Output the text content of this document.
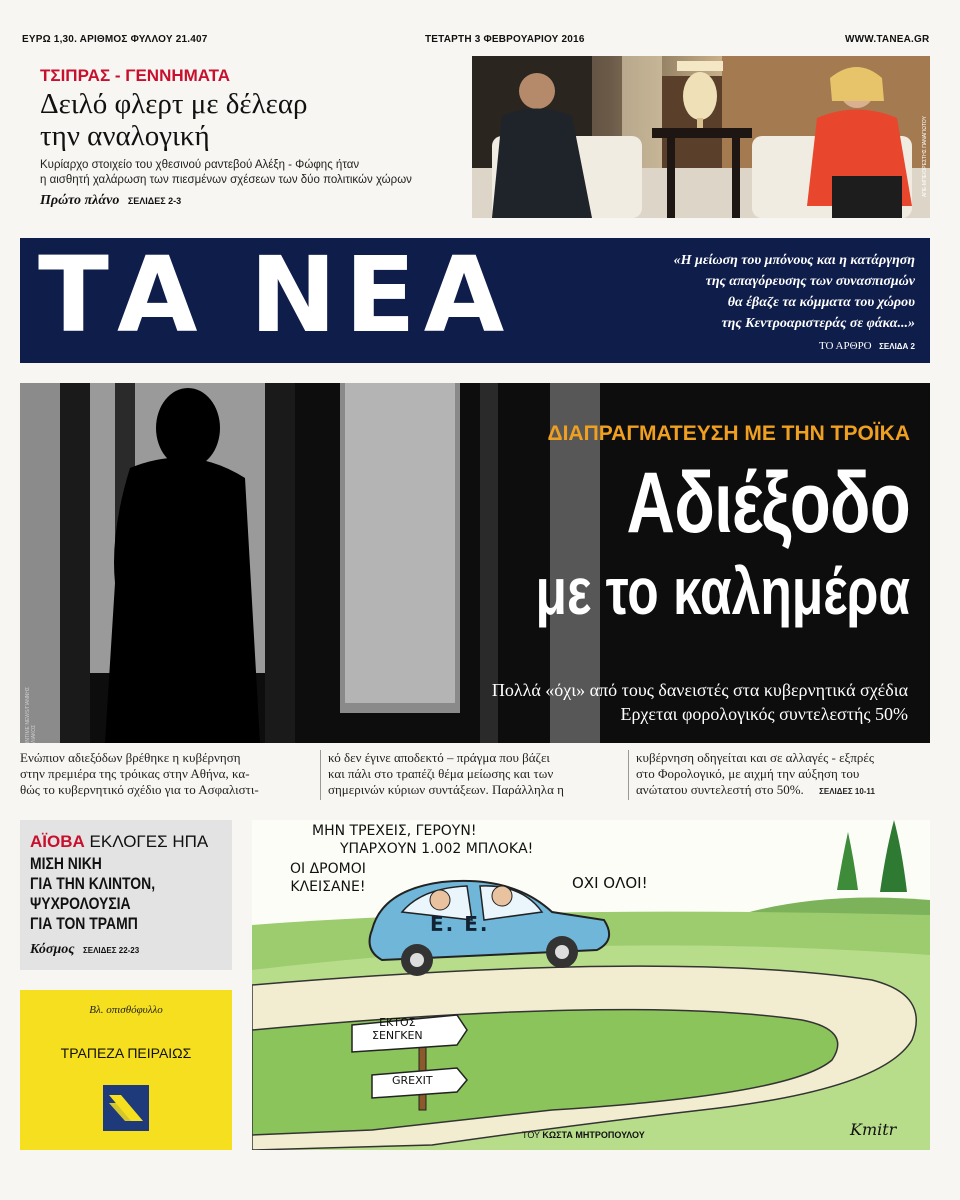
ΕΥΡΩ 1,30. ΑΡΙΘΜΟΣ ΦΥΛΛΟΥ 21.407	ΤΕΤΑΡΤΗ 3 ΦΕΒΡΟΥΑΡΙΟΥ 2016	WWW.TANEA.GR
ΤΣΙΠΡΑΣ - ΓΕΝΝΗΜΑΤΑ
Δειλό φλερτ με δέλεαρ
την αναλογική
Κυρίαρχο στοιχείο του χθεσινού ραντεβού Αλέξη - Φώφης ήταν
η αισθητή χαλάρωση των πιεσμένων σχέσεων των δύο πολιτικών χώρων
Πρώτο πλάνο ΣΕΛΙΔΕΣ 2-3
ΑΠΕ-ΜΠΕ/ΟΡΕΣΤΗΣ ΠΑΝΑΓΙΩΤΟΥ
ΤΑ ΝΕΑ	«Η μείωση του μπόνους και η κατάργηση
της απαγόρευσης των συνασπισμών
θα έβαζε τα κόμματα του χώρου
της Κεντροαριστεράς σε φάκα...»
ΤΟ ΑΡΘΡΟ ΣΕΛΙΔΑ 2
INTIME NEWS/ΓΙΑΝΝΗΣ ΛΙΑΚΟΣ
ΔΙΑΠΡΑΓΜΑΤΕΥΣΗ ΜΕ ΤΗΝ ΤΡΟΪΚΑ
Αδιέξοδο
με το καλημέρα
Πολλά «όχι» από τους δανειστές στα κυβερνητικά σχέδια
Ερχεται φορολογικός συντελεστής 50%
Ενώπιον αδιεξόδων βρέθηκε η κυβέρνηση
στην πρεμιέρα της τρόικας στην Αθήνα, κα-
θώς το κυβερνητικό σχέδιο για το Ασφαλιστι-
κό δεν έγινε αποδεκτό – πράγμα που βάζει
και πάλι στο τραπέζι θέμα μείωσης και των
σημερινών κύριων συντάξεων. Παράλληλα η
κυβέρνηση οδηγείται και σε αλλαγές - εξπρές
στο Φορολογικό, με αιχμή την αύξηση του
ανώτατου συντελεστή στο 50%. ΣΕΛΙΔΕΣ 10-11
ΑΪΟΒΑ ΕΚΛΟΓΕΣ ΗΠΑ
ΜΙΣΗ ΝΙΚΗ
ΓΙΑ ΤΗΝ ΚΛΙΝΤΟΝ,
ΨΥΧΡΟΛΟΥΣΙΑ
ΓΙΑ ΤΟΝ ΤΡΑΜΠ
Κόσμος ΣΕΛΙΔΕΣ 22-23
Βλ. οπισθόφυλλο
ΤΡΑΠΕΖΑ ΠΕΙΡΑΙΩΣ
ΜΗΝ ΤΡΕΧΕΙΣ, ΓΕΡΟΥΝ!
ΥΠΑΡΧΟΥΝ 1.002 ΜΠΛΟΚΑ!
ΟΙ ΔΡΟΜΟΙ
ΚΛΕΙΣΑΝΕ!	ΟΧΙ ΟΛΟΙ!
Ε. Ε.
ΕΚΤΟΣ
ΣΕΝΓΚΕΝ
GREXIT
ΤΟΥ ΚΩΣΤΑ ΜΗΤΡΟΠΟΥΛΟΥ	Κmitr
